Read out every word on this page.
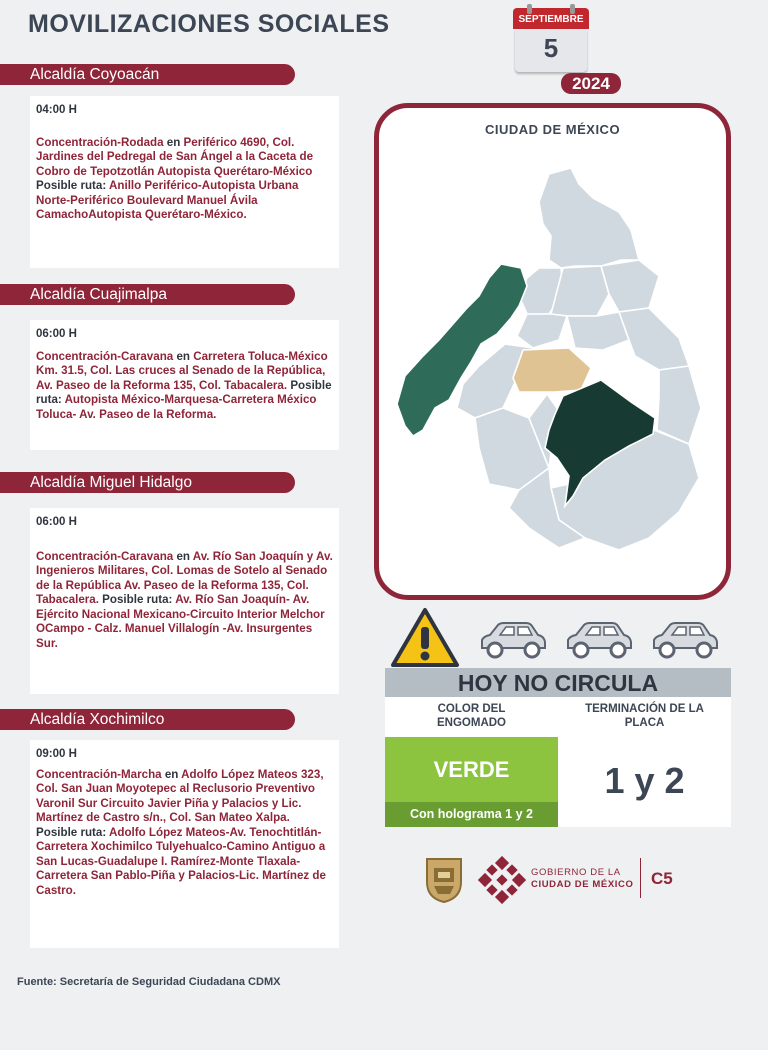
MOVILIZACIONES SOCIALES	SEPTIEMBRE
5
2024
Alcaldía Coyoacán
04:00 H
Concentración-Rodada en Periférico 4690, Col. Jardines del Pedregal de San Ángel a la Caceta de Cobro de Tepotzotlán Autopista Querétaro-México Posible ruta: Anillo Periférico-Autopista Urbana Norte-Periférico Boulevard Manuel Ávila CamachoAutopista Querétaro-México.
Alcaldía Cuajimalpa
06:00 H
Concentración-Caravana en Carretera Toluca-México Km. 31.5, Col. Las cruces al Senado de la República, Av. Paseo de la Reforma 135, Col. Tabacalera. Posible ruta: Autopista México-Marquesa-Carretera México Toluca- Av. Paseo de la Reforma.
Alcaldía Miguel Hidalgo
06:00 H
Concentración-Caravana en Av. Río San Joaquín y Av. Ingenieros Militares, Col. Lomas de Sotelo al Senado de la República Av. Paseo de la Reforma 135, Col. Tabacalera. Posible ruta: Av. Río San Joaquín- Av. Ejército Nacional Mexicano-Circuito Interior Melchor OCampo - Calz. Manuel Villalogín -Av. Insurgentes Sur.
Alcaldía Xochimilco
09:00 H
Concentración-Marcha en Adolfo López Mateos 323, Col. San Juan Moyotepec al Reclusorio Preventivo Varonil Sur Circuito Javier Piña y Palacios y Lic. Martínez de Castro s/n., Col. San Mateo Xalpa. Posible ruta: Adolfo López Mateos-Av. Tenochtitlán-Carretera Xochimilco Tulyehualco-Camino Antiguo a San Lucas-Guadalupe I. Ramírez-Monte Tlaxala-Carretera San Pablo-Piña y Palacios-Lic. Martínez de Castro.
CIUDAD DE MÉXICO
HOY NO CIRCULA
COLOR DEL ENGOMADO
TERMINACIÓN DE LA PLACA
VERDE
Con holograma 1 y 2
1 y 2
GOBIERNO DE LA
CIUDAD DE MÉXICO C5
Fuente: Secretaría de Seguridad Ciudadana CDMX
